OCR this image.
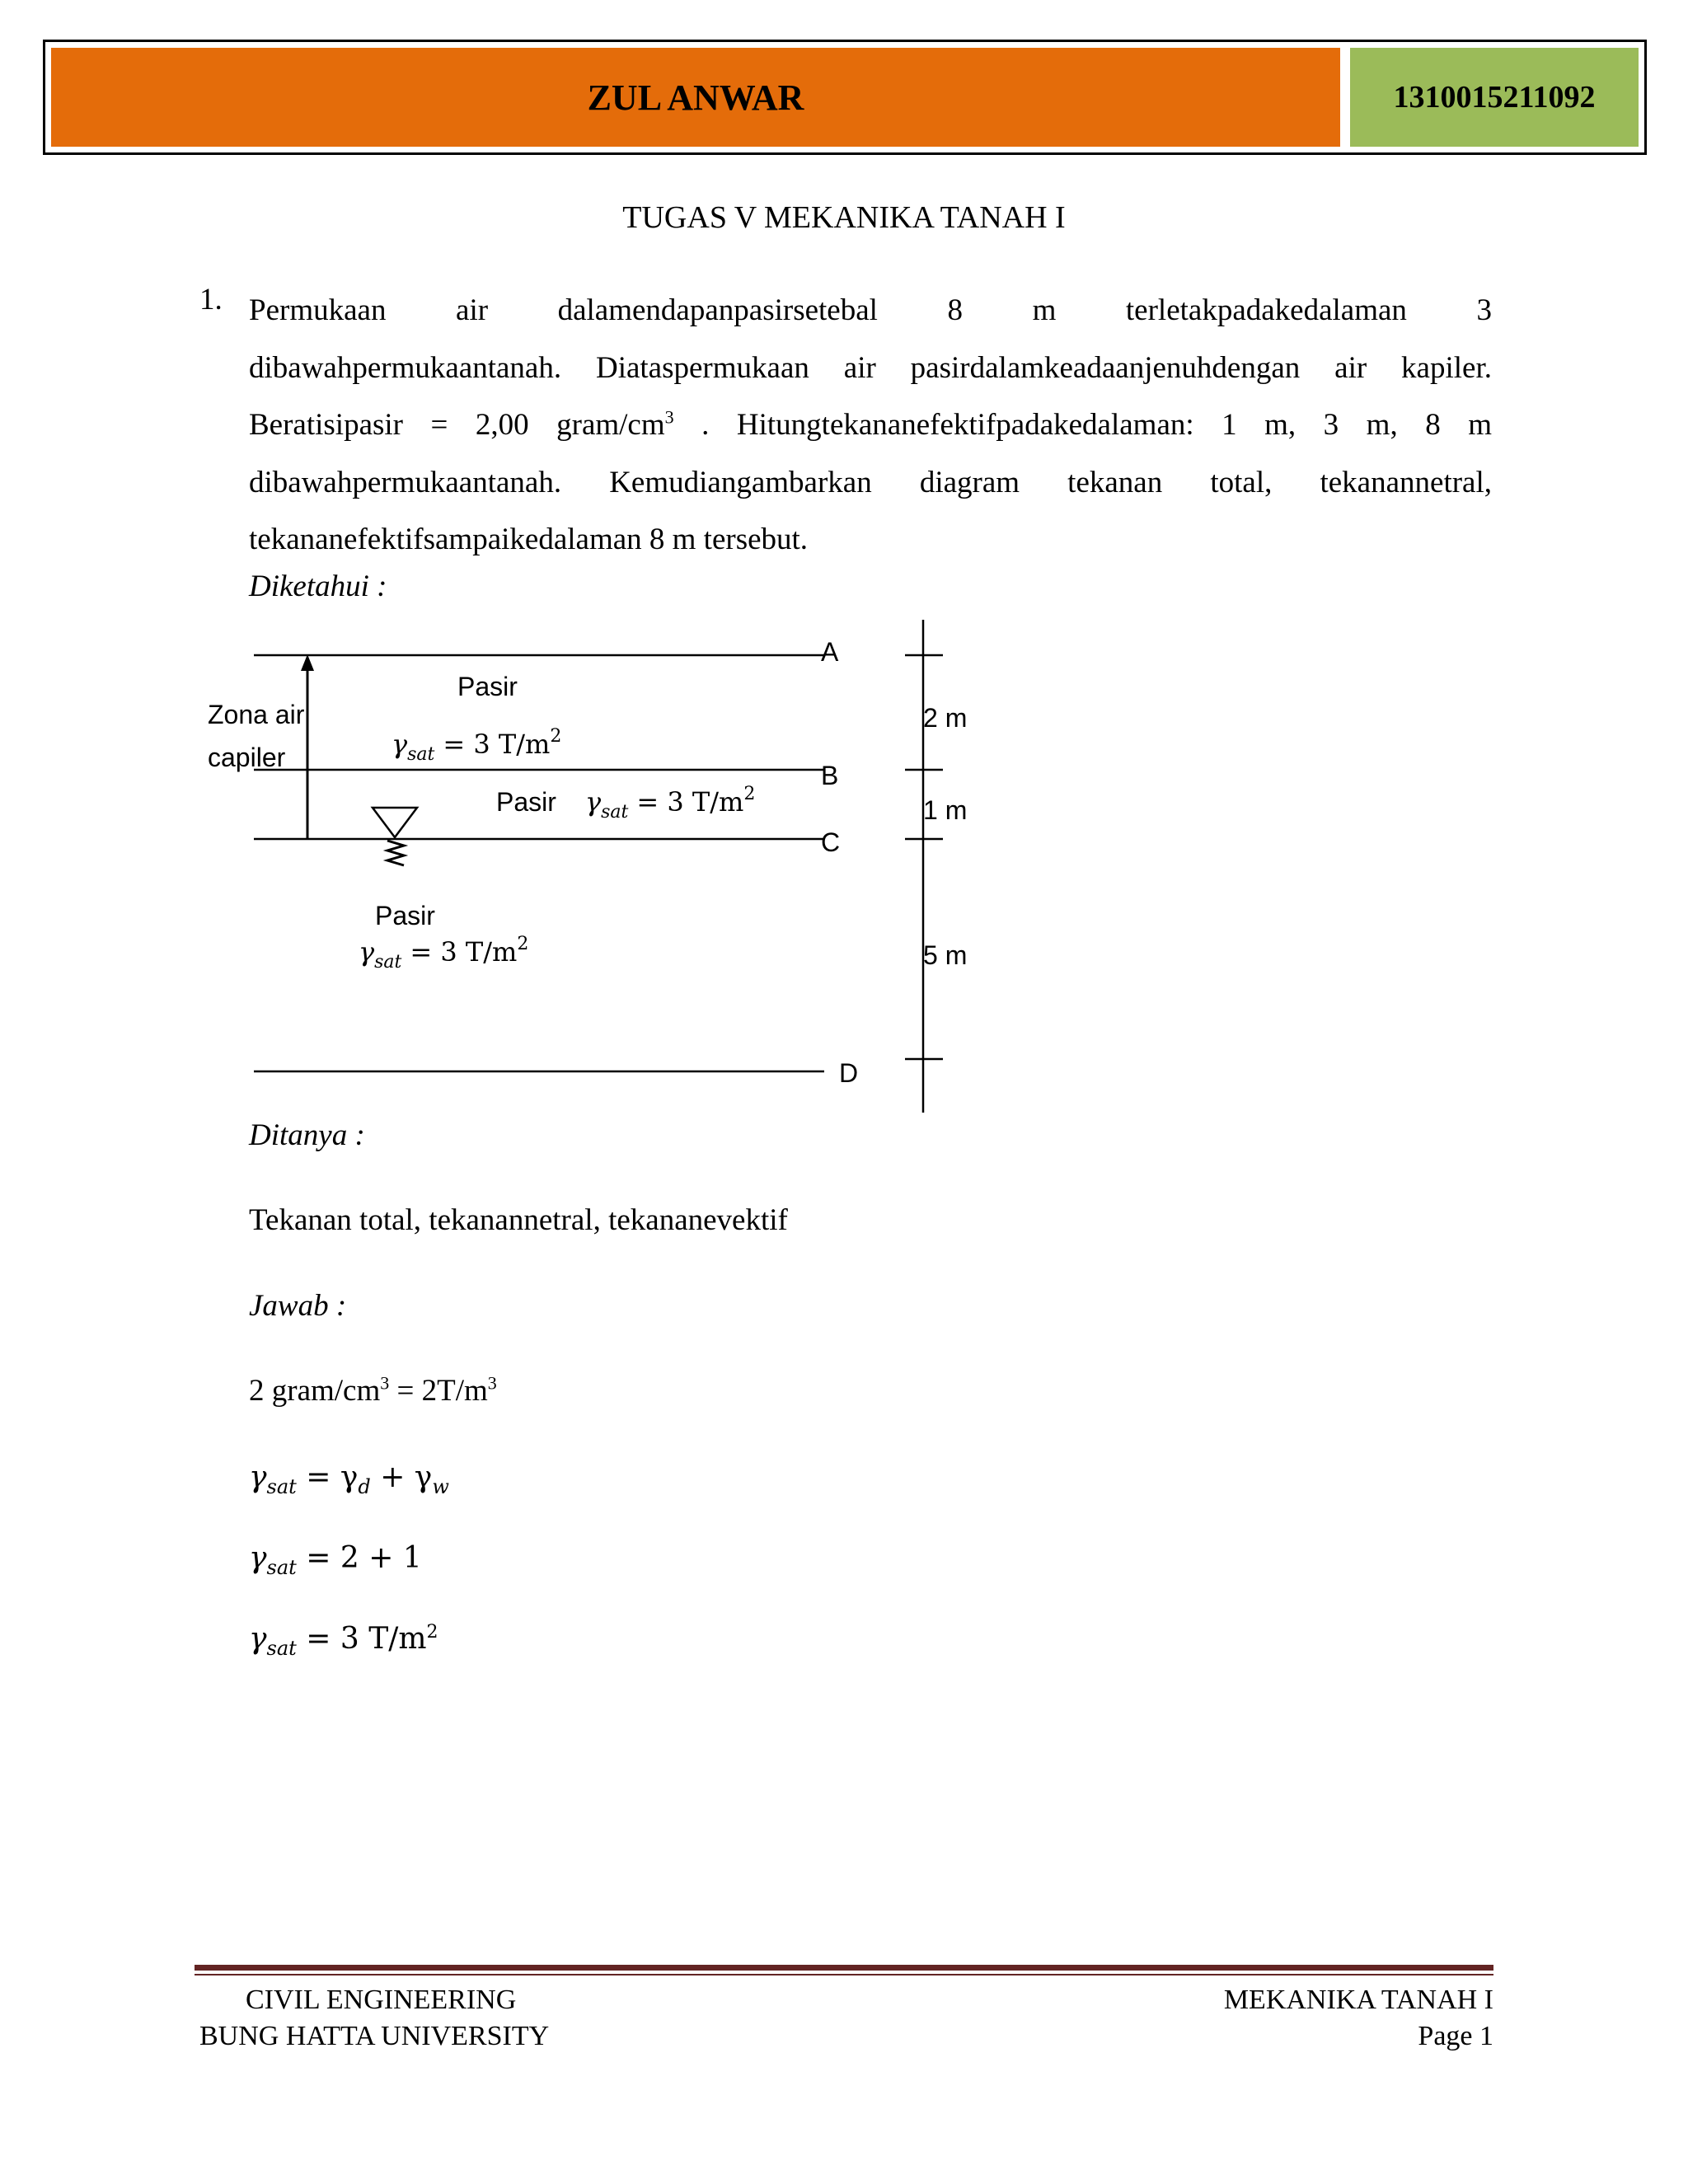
ZUL ANWAR	1310015211092
TUGAS V MEKANIKA TANAH I
1. Permukaan air dalamendapanpasirsetebal 8 m terletakpadakedalaman 3
dibawahpermukaantanah. Diataspermukaan air pasirdalamkeadaanjenuhdengan air kapiler.
Beratisipasir = 2,00 gram/$cm^3$ . Hitungtekananefektifpadakedalaman: 1 m, 3 m, 8 m
dibawahpermukaantanah. Kemudiangambarkan diagram tekanan total, tekanannetral,
tekananefektifsampaikedalaman 8 m tersebut.
Diketahui :
A
B
C
D
Zona air
capiler
Pasir
$\gamma_{sat} = 3$ $T/m^2$
Pasir $\gamma_{sat} = 3$ $T/m^2$
Pasir
$\gamma_{sat} = 3$ $T/m^2$
2 m
1 m
5 m
Ditanya :
Tekanan total, tekanannetral, tekananevektif
Jawab :
2 gram/$cm^3 = 2T/m^3$
$\gamma_{sat} = \gamma_d + \gamma_w$
$\gamma_{sat} = 2 + 1$
$\gamma_{sat} = 3$ $T/m^2$
CIVIL ENGINEERING
BUNG HATTA UNIVERSITY
MEKANIKA TANAH I
Page 1
